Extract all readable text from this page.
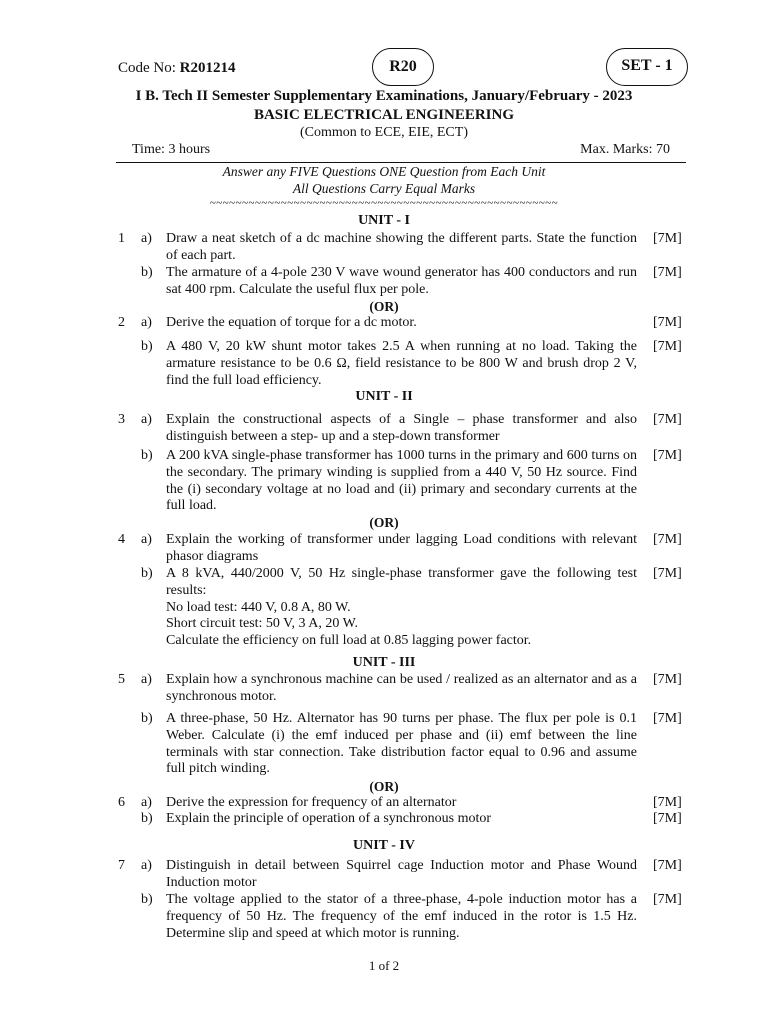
Code No: R201214	R20	SET - 1
I B. Tech II Semester Supplementary Examinations, January/February - 2023
BASIC ELECTRICAL ENGINEERING
(Common to ECE, EIE, ECT)
Time: 3 hours	Max. Marks: 70
Answer any FIVE Questions ONE Question from Each Unit
All Questions Carry Equal Marks
~~~~~~~~~~~~~~~~~~~~~~~~~~~~~~~~~~~~~~~~~~~~~~~~~~~~~~
UNIT - I
1 a) Draw a neat sketch of a dc machine showing the different parts. State the function of each part.
[7M]
b) The armature of a 4-pole 230 V wave wound generator has 400 conductors and run sat 400 rpm. Calculate the useful flux per pole.
[7M]
(OR)
2 a) Derive the equation of torque for a dc motor.	[7M]
b) A 480 V, 20 kW shunt motor takes 2.5 A when running at no load. Taking the armature resistance to be 0.6 Ω, field resistance to be 800 W and brush drop 2 V, find the full load efficiency.
[7M]
UNIT - II
3 a) Explain the constructional aspects of a Single – phase transformer and also distinguish between a step- up and a step-down transformer
[7M]
b) A 200 kVA single-phase transformer has 1000 turns in the primary and 600 turns on the secondary. The primary winding is supplied from a 440 V, 50 Hz source. Find the (i) secondary voltage at no load and (ii) primary and secondary currents at the full load.
[7M]
(OR)
4 a) Explain the working of transformer under lagging Load conditions with relevant phasor diagrams
[7M]
b) A 8 kVA, 440/2000 V, 50 Hz single-phase transformer gave the following test results:
No load test: 440 V, 0.8 A, 80 W.
Short circuit test: 50 V, 3 A, 20 W.
Calculate the efficiency on full load at 0.85 lagging power factor.
[7M]
UNIT - III
5 a) Explain how a synchronous machine can be used / realized as an alternator and as a synchronous motor.
[7M]
b) A three-phase, 50 Hz. Alternator has 90 turns per phase. The flux per pole is 0.1 Weber. Calculate (i) the emf induced per phase and (ii) emf between the line terminals with star connection. Take distribution factor equal to 0.96 and assume full pitch winding.
[7M]
(OR)
6 a) Derive the expression for frequency of an alternator	[7M]
b) Explain the principle of operation of a synchronous motor	[7M]
UNIT - IV
7 a) Distinguish in detail between Squirrel cage Induction motor and Phase Wound Induction motor
[7M]
b) The voltage applied to the stator of a three-phase, 4-pole induction motor has a frequency of 50 Hz. The frequency of the emf induced in the rotor is 1.5 Hz. Determine slip and speed at which motor is running.
[7M]
1 of 2
